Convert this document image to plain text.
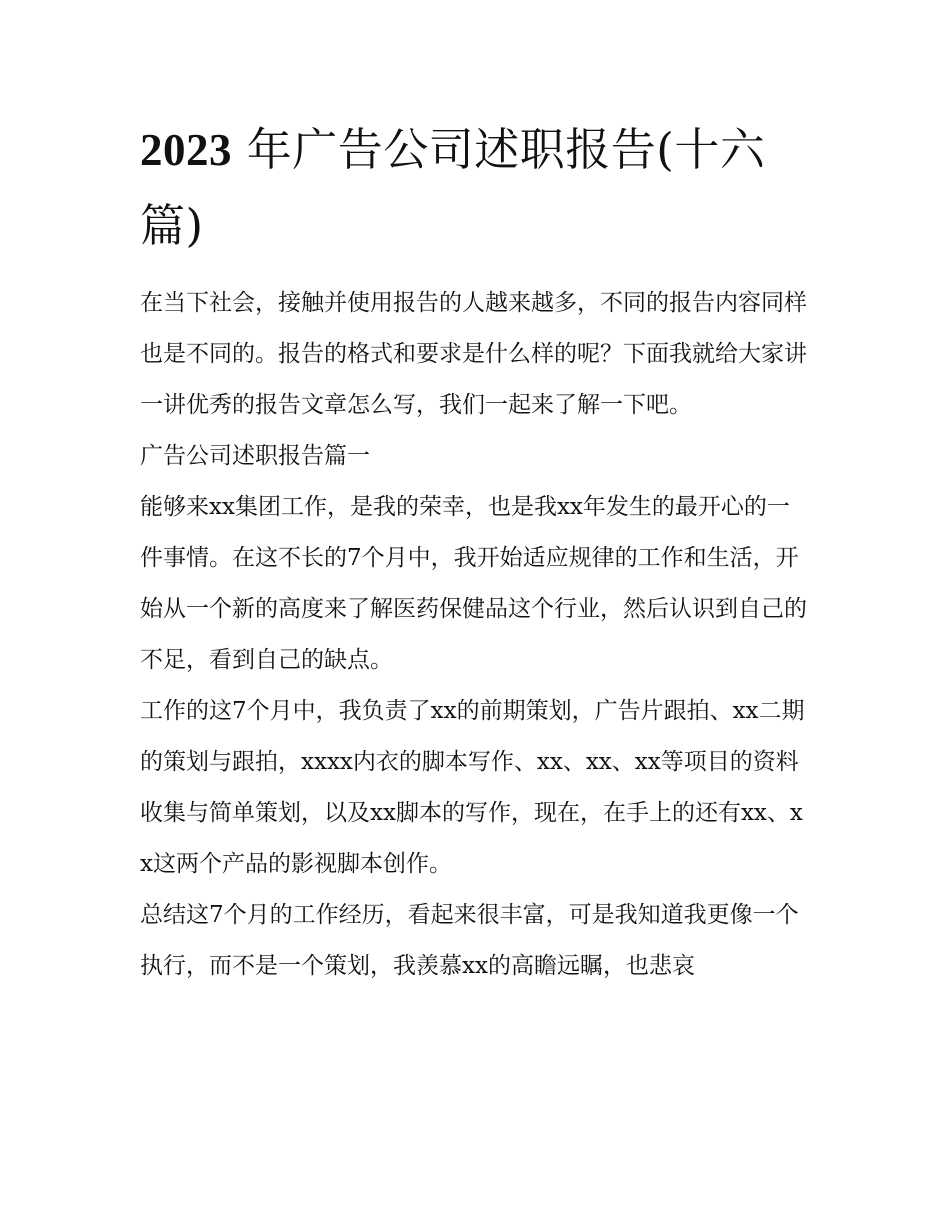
2023 年广告公司述职报告(十六篇)

在当下社会，接触并使用报告的人越来越多，不同的报告内容同样也是不同的。报告的格式和要求是什么样的呢？下面我就给大家讲一讲优秀的报告文章怎么写，我们一起来了解一下吧。

广告公司述职报告篇一

能够来xx集团工作，是我的荣幸，也是我xx年发生的最开心的一件事情。在这不长的7个月中，我开始适应规律的工作和生活，开始从一个新的高度来了解医药保健品这个行业，然后认识到自己的不足，看到自己的缺点。

工作的这7个月中，我负责了xx的前期策划，广告片跟拍、xx二期的策划与跟拍，xxxx内衣的脚本写作、xx、xx、xx等项目的资料收集与简单策划，以及xx脚本的写作，现在，在手上的还有xx、xx这两个产品的影视脚本创作。

总结这7个月的工作经历，看起来很丰富，可是我知道我更像一个执行，而不是一个策划，我羡慕xx的高瞻远瞩，也悲哀
